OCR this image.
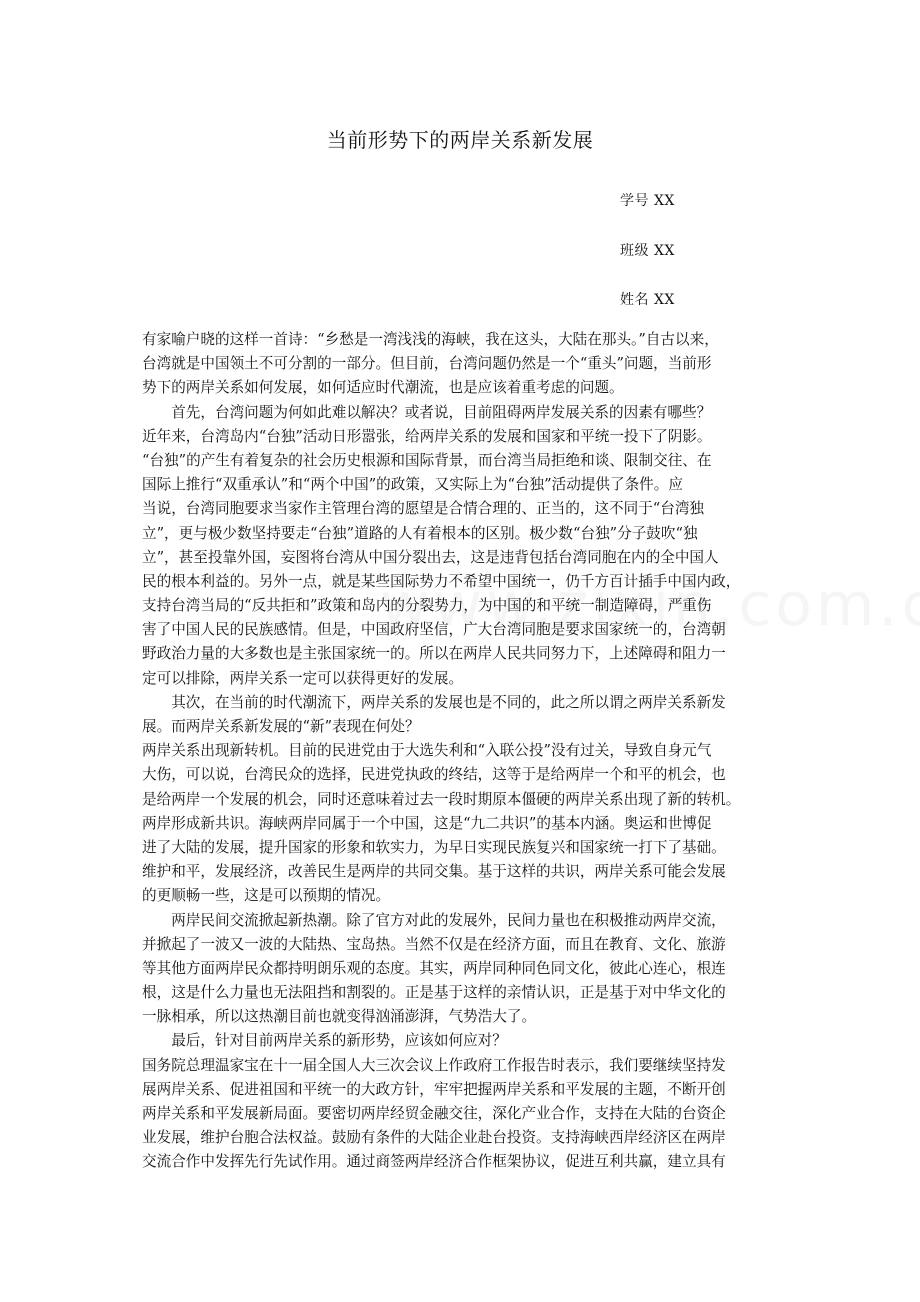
当前形势下的两岸关系新发展
学号 XX
班级 XX
姓名 XX
有家喻户晓的这样一首诗：“乡愁是一湾浅浅的海峡，我在这头，大陆在那头。”自古以来，
台湾就是中国领土不可分割的一部分。但目前，台湾问题仍然是一个“重头”问题，当前形
势下的两岸关系如何发展，如何适应时代潮流，也是应该着重考虑的问题。
　　首先，台湾问题为何如此难以解决？或者说，目前阻碍两岸发展关系的因素有哪些？
近年来，台湾岛内“台独”活动日形嚣张，给两岸关系的发展和国家和平统一投下了阴影。
“台独”的产生有着复杂的社会历史根源和国际背景，而台湾当局拒绝和谈、限制交往、在
国际上推行“双重承认”和“两个中国”的政策，又实际上为“台独”活动提供了条件。应
当说，台湾同胞要求当家作主管理台湾的愿望是合情合理的、正当的，这不同于“台湾独
立”，更与极少数坚持要走“台独”道路的人有着根本的区别。极少数“台独”分子鼓吹“独
立”，甚至投靠外国，妄图将台湾从中国分裂出去，这是违背包括台湾同胞在内的全中国人
民的根本利益的。另外一点，就是某些国际势力不希望中国统一，仍千方百计插手中国内政，
支持台湾当局的“反共拒和”政策和岛内的分裂势力，为中国的和平统一制造障碍，严重伤
害了中国人民的民族感情。但是，中国政府坚信，广大台湾同胞是要求国家统一的，台湾朝
野政治力量的大多数也是主张国家统一的。所以在两岸人民共同努力下，上述障碍和阻力一
定可以排除，两岸关系一定可以获得更好的发展。
　　其次，在当前的时代潮流下，两岸关系的发展也是不同的，此之所以谓之两岸关系新发
展。而两岸关系新发展的“新”表现在何处？
两岸关系出现新转机。目前的民进党由于大选失利和“入联公投”没有过关，导致自身元气
大伤，可以说，台湾民众的选择，民进党执政的终结，这等于是给两岸一个和平的机会，也
是给两岸一个发展的机会，同时还意味着过去一段时期原本僵硬的两岸关系出现了新的转机。
两岸形成新共识。海峡两岸同属于一个中国，这是“九二共识”的基本内涵。奥运和世博促
进了大陆的发展，提升国家的形象和软实力，为早日实现民族复兴和国家统一打下了基础。
维护和平，发展经济，改善民生是两岸的共同交集。基于这样的共识，两岸关系可能会发展
的更顺畅一些，这是可以预期的情况。
　　两岸民间交流掀起新热潮。除了官方对此的发展外，民间力量也在积极推动两岸交流，
并掀起了一波又一波的大陆热、宝岛热。当然不仅是在经济方面，而且在教育、文化、旅游
等其他方面两岸民众都持明朗乐观的态度。其实，两岸同种同色同文化，彼此心连心，根连
根，这是什么力量也无法阻挡和割裂的。正是基于这样的亲情认识，正是基于对中华文化的
一脉相承，所以这热潮目前也就变得汹涌澎湃，气势浩大了。
　　最后，针对目前两岸关系的新形势，应该如何应对？
国务院总理温家宝在十一届全国人大三次会议上作政府工作报告时表示，我们要继续坚持发
展两岸关系、促进祖国和平统一的大政方针，牢牢把握两岸关系和平发展的主题，不断开创
两岸关系和平发展新局面。要密切两岸经贸金融交往，深化产业合作，支持在大陆的台资企
业发展，维护台胞合法权益。鼓励有条件的大陆企业赴台投资。支持海峡西岸经济区在两岸
交流合作中发挥先行先试作用。通过商签两岸经济合作框架协议，促进互利共赢，建立具有
